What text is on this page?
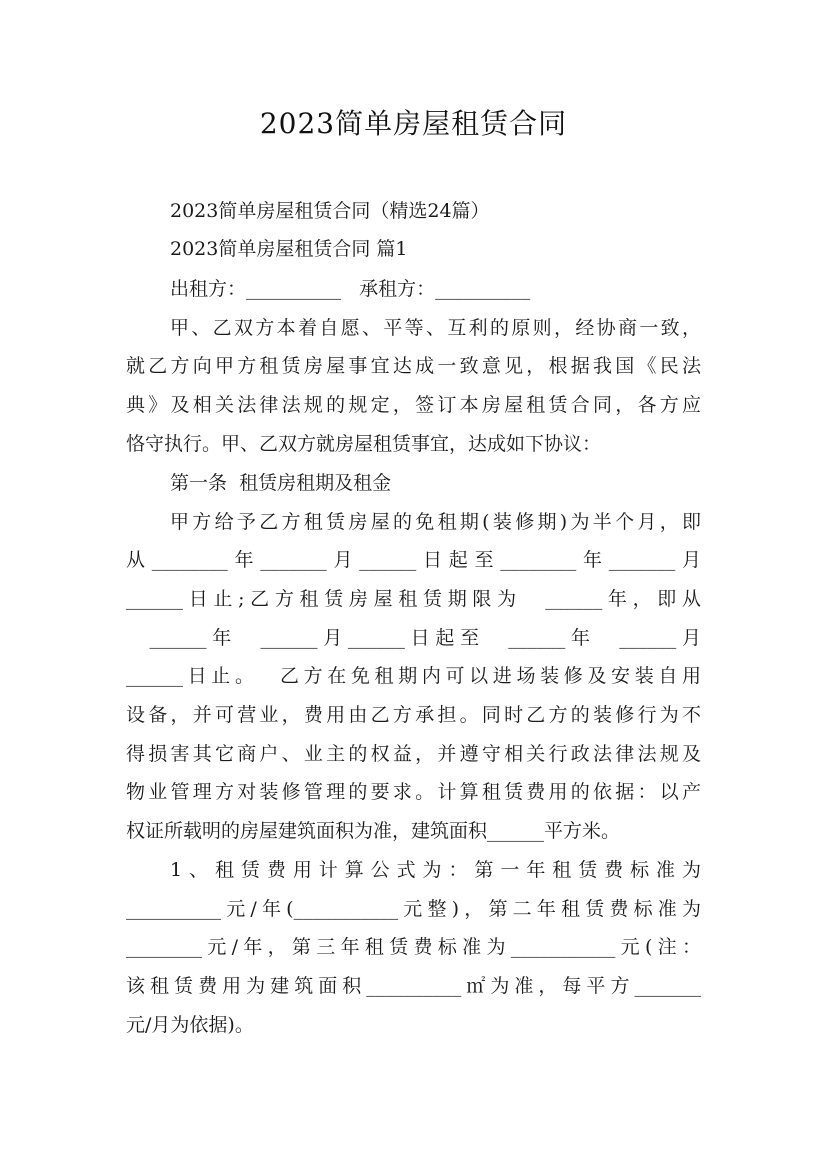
2023简单房屋租赁合同
2023简单房屋租赁合同（精选24篇）
2023简单房屋租赁合同 篇1
出租方：__________   承租方：__________
甲、乙双方本着自愿、平等、互利的原则，经协商一致，
就乙方向甲方租赁房屋事宜达成一致意见，根据我国《民法
典》及相关法律法规的规定，签订本房屋租赁合同，各方应
恪守执行。甲、乙双方就房屋租赁事宜，达成如下协议：
第一条  租赁房租期及租金
甲方给予乙方租赁房屋的免租期(装修期)为半个月，即
从________年_______月______日起至________年_______月
______日止;乙方租赁房屋租赁期限为  ______年，即从
______年  ______月______日起至  ______年  ______月
______日止。  乙方在免租期内可以进场装修及安装自用
设备，并可营业，费用由乙方承担。同时乙方的装修行为不
得损害其它商户、业主的权益，并遵守相关行政法律法规及
物业管理方对装修管理的要求。计算租赁费用的依据：以产
权证所载明的房屋建筑面积为准，建筑面积______平方米。
1、租赁费用计算公式为：第一年租赁费标准为
__________元/年(___________元整)，第二年租赁费标准为
________元/年，第三年租赁费标准为___________元(注：
该租赁费用为建筑面积__________㎡为准，每平方_______
元/月为依据)。
